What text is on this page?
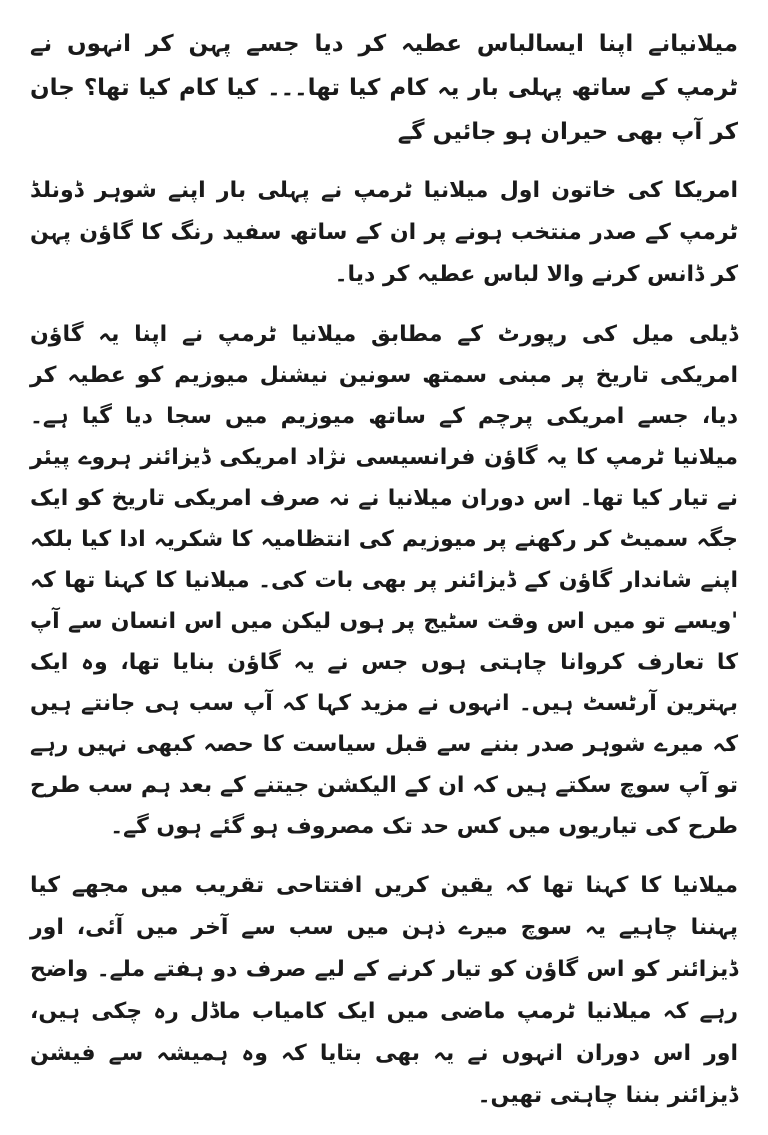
میلانیانے اپنا ایسالباس عطیہ کر دیا جسے پہن کر انہوں نے ٹرمپ کے ساتھ پہلی بار یہ کام کیا تھا۔۔۔ کیا کام کیا تھا؟ جان کر آپ بھی حیران ہو جائیں گے

امریکا کی خاتون اول میلانیا ٹرمپ نے پہلی بار اپنے شوہر ڈونلڈ ٹرمپ کے صدر منتخب ہونے پر ان کے ساتھ سفید رنگ کا گاؤن پہن کر ڈانس کرنے والا لباس عطیہ کر دیا۔

ڈیلی میل کی رپورٹ کے مطابق میلانیا ٹرمپ نے اپنا یہ گاؤن امریکی تاریخ پر مبنی سمتھ سونین نیشنل میوزیم کو عطیہ کر دیا، جسے امریکی پرچم کے ساتھ میوزیم میں سجا دیا گیا ہے۔ میلانیا ٹرمپ کا یہ گاؤن فرانسیسی نژاد امریکی ڈیزائنر ہروے پیئر نے تیار کیا تھا۔ اس دوران میلانیا نے نہ صرف امریکی تاریخ کو ایک جگہ سمیٹ کر رکھنے پر میوزیم کی انتظامیہ کا شکریہ ادا کیا بلکہ اپنے شاندار گاؤن کے ڈیزائنر پر بھی بات کی۔ میلانیا کا کہنا تھا کہ 'ویسے تو میں اس وقت سٹیج پر ہوں لیکن میں اس انسان سے آپ کا تعارف کروانا چاہتی ہوں جس نے یہ گاؤن بنایا تھا، وہ ایک بہترین آرٹسٹ ہیں۔ انہوں نے مزید کہا کہ آپ سب ہی جانتے ہیں کہ میرے شوہر صدر بننے سے قبل سیاست کا حصہ کبھی نہیں رہے تو آپ سوچ سکتے ہیں کہ ان کے الیکشن جیتنے کے بعد ہم سب طرح طرح کی تیاریوں میں کس حد تک مصروف ہو گئے ہوں گے۔

میلانیا کا کہنا تھا کہ یقین کریں افتتاحی تقریب میں مجھے کیا پہننا چاہیے یہ سوچ میرے ذہن میں سب سے آخر میں آئی، اور ڈیزائنر کو اس گاؤن کو تیار کرنے کے لیے صرف دو ہفتے ملے۔ واضح رہے کہ میلانیا ٹرمپ ماضی میں ایک کامیاب ماڈل رہ چکی ہیں، اور اس دوران انہوں نے یہ بھی بتایا کہ وہ ہمیشہ سے فیشن ڈیزائنر بننا چاہتی تھیں۔
